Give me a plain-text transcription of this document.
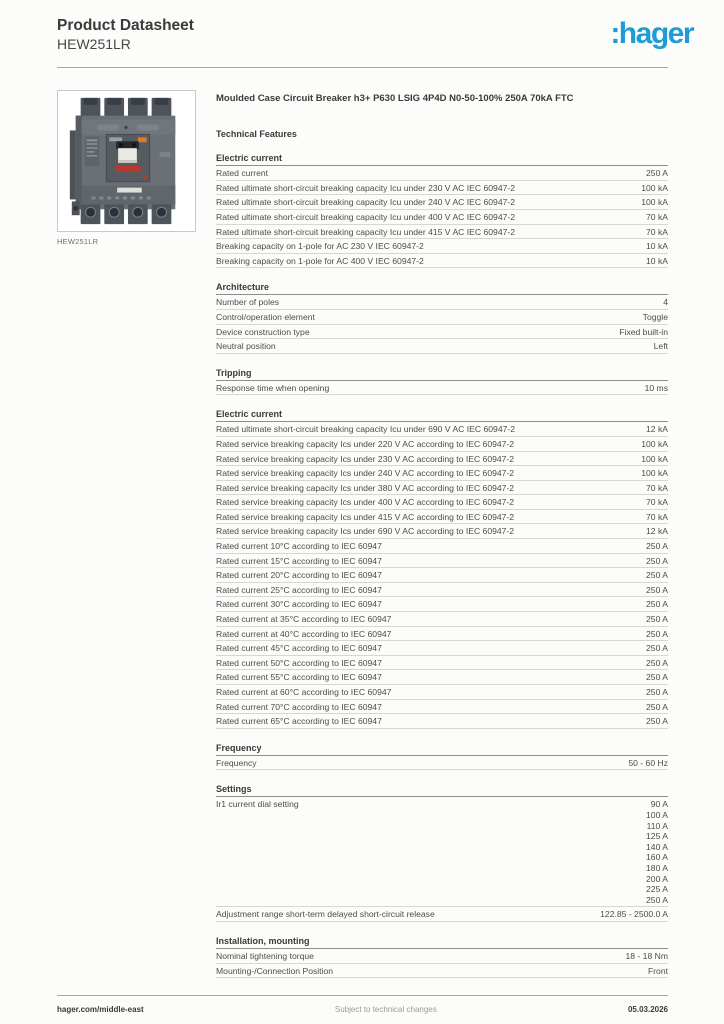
Product Datasheet
HEW251LR	:hager
HEW251LR
Moulded Case Circuit Breaker h3+ P630 LSIG 4P4D N0-50-100% 250A 70kA FTC
Technical Features
Electric current
Rated current	250 A
Rated ultimate short-circuit breaking capacity Icu under 230 V AC IEC 60947-2	100 kA
Rated ultimate short-circuit breaking capacity Icu under 240 V AC IEC 60947-2	100 kA
Rated ultimate short-circuit breaking capacity Icu under 400 V AC IEC 60947-2	70 kA
Rated ultimate short-circuit breaking capacity Icu under 415 V AC IEC 60947-2	70 kA
Breaking capacity on 1-pole for AC 230 V IEC 60947-2	10 kA
Breaking capacity on 1-pole for AC 400 V IEC 60947-2	10 kA
Architecture
Number of poles	4
Control/operation element	Toggle
Device construction type	Fixed built-in
Neutral position	Left
Tripping
Response time when opening	10 ms
Electric current
Rated ultimate short-circuit breaking capacity Icu under 690 V AC IEC 60947-2	12 kA
Rated service breaking capacity Ics under 220 V AC according to IEC 60947-2	100 kA
Rated service breaking capacity Ics under 230 V AC according to IEC 60947-2	100 kA
Rated service breaking capacity Ics under 240 V AC according to IEC 60947-2	100 kA
Rated service breaking capacity Ics under 380 V AC according to IEC 60947-2	70 kA
Rated service breaking capacity Ics under 400 V AC according to IEC 60947-2	70 kA
Rated service breaking capacity Ics under 415 V AC according to IEC 60947-2	70 kA
Rated service breaking capacity Ics under 690 V AC according to IEC 60947-2	12 kA
Rated current 10°C according to IEC 60947	250 A
Rated current 15°C according to IEC 60947	250 A
Rated current 20°C according to IEC 60947	250 A
Rated current 25°C according to IEC 60947	250 A
Rated current 30°C according to IEC 60947	250 A
Rated current at 35°C according to IEC 60947	250 A
Rated current at 40°C according to IEC 60947	250 A
Rated current 45°C according to IEC 60947	250 A
Rated current 50°C according to IEC 60947	250 A
Rated current 55°C according to IEC 60947	250 A
Rated current at 60°C according to IEC 60947	250 A
Rated current 70°C according to IEC 60947	250 A
Rated current 65°C according to IEC 60947	250 A
Frequency
Frequency	50 - 60 Hz
Settings
Ir1 current dial setting	90 A
100 A
110 A
125 A
140 A
160 A
180 A
200 A
225 A
250 A
Adjustment range short-term delayed short-circuit release	122.85 - 2500.0 A
Installation, mounting
Nominal tightening torque	18 - 18 Nm
Mounting-/Connection Position	Front
hager.com/middle-east	Subject to technical changes	05.03.2026
